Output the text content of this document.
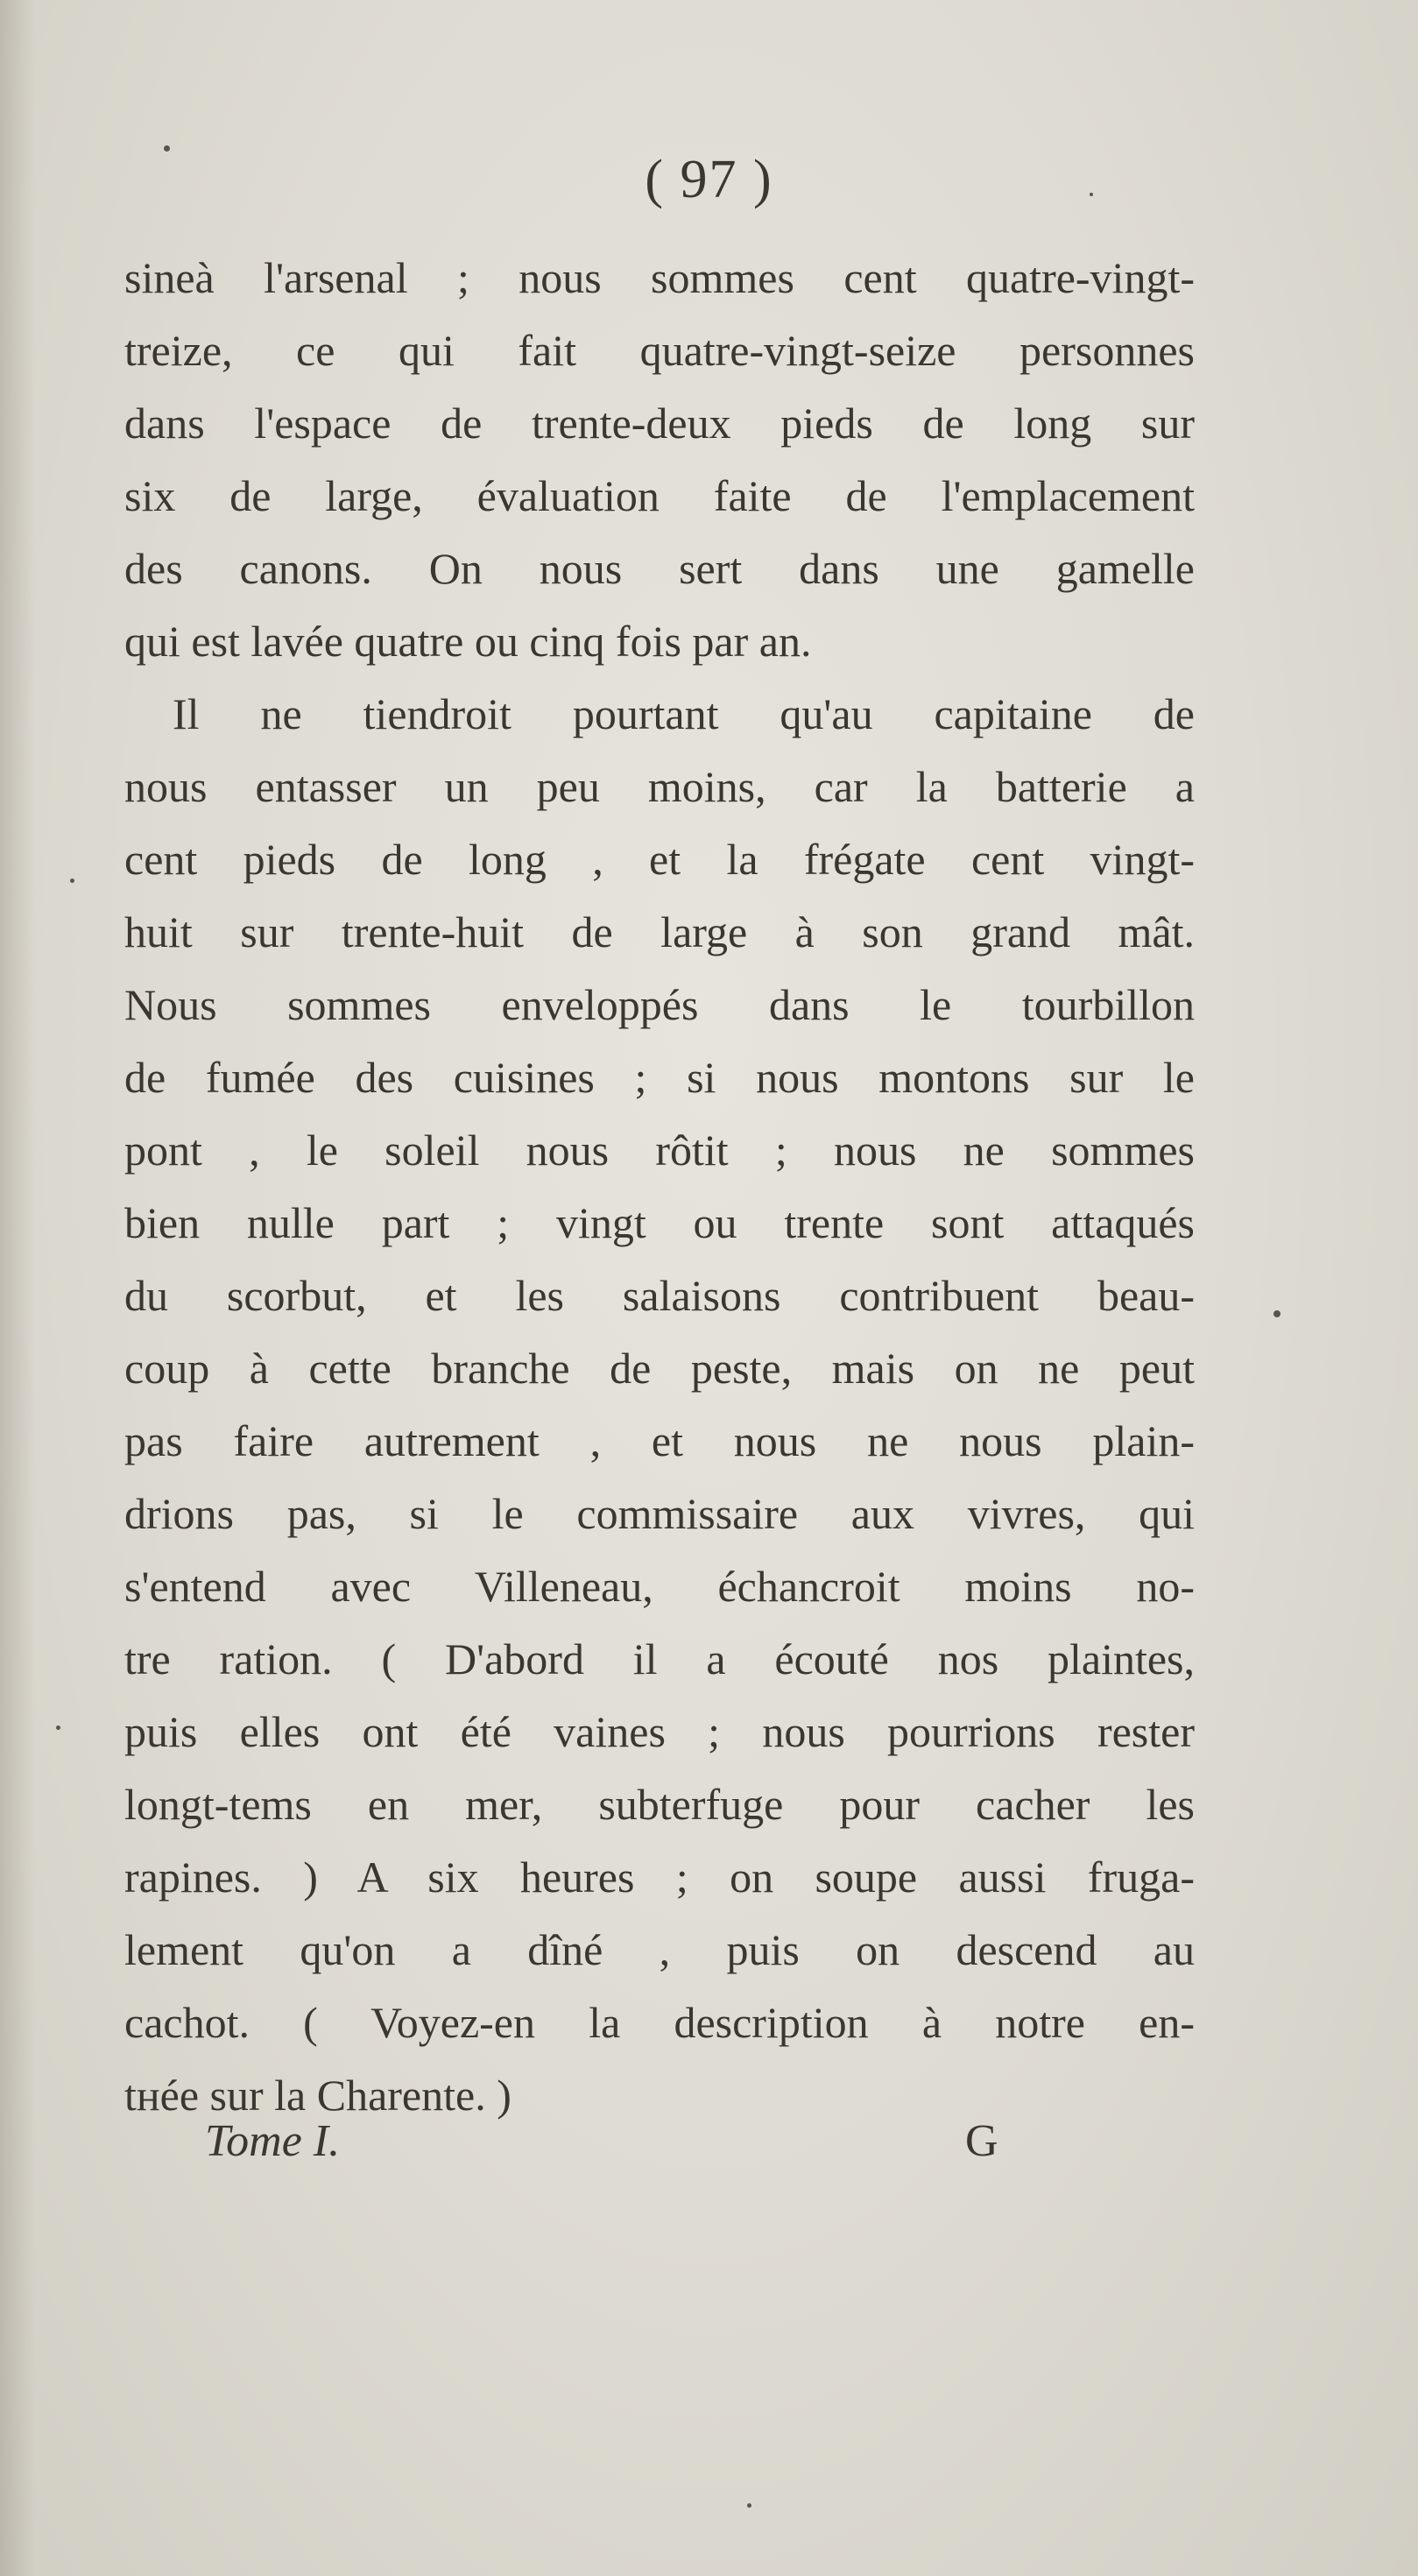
( 97 )
sineà l'arsenal ; nous sommes cent quatre-vingt-
treize, ce qui fait quatre-vingt-seize personnes
dans l'espace de trente-deux pieds de long sur
six de large, évaluation faite de l'emplacement
des canons. On nous sert dans une gamelle
qui est lavée quatre ou cinq fois par an.
Il ne tiendroit pourtant qu'au capitaine de
nous entasser un peu moins, car la batterie a
cent pieds de long , et la frégate cent vingt-
huit sur trente-huit de large à son grand mât.
Nous sommes enveloppés dans le tourbillon
de fumée des cuisines ; si nous montons sur le
pont , le soleil nous rôtit ; nous ne sommes
bien nulle part ; vingt ou trente sont attaqués
du scorbut, et les salaisons contribuent beau-
coup à cette branche de peste, mais on ne peut
pas faire autrement , et nous ne nous plain-
drions pas, si le commissaire aux vivres, qui
s'entend avec Villeneau, échancroit moins no-
tre ration. ( D'abord il a écouté nos plaintes,
puis elles ont été vaines ; nous pourrions rester
longt-tems en mer, subterfuge pour cacher les
rapines. ) A six heures ; on soupe aussi fruga-
lement qu'on a dîné , puis on descend au
cachot. ( Voyez-en la description à notre en-
tнée sur la Charente. )
Tome I.	G
